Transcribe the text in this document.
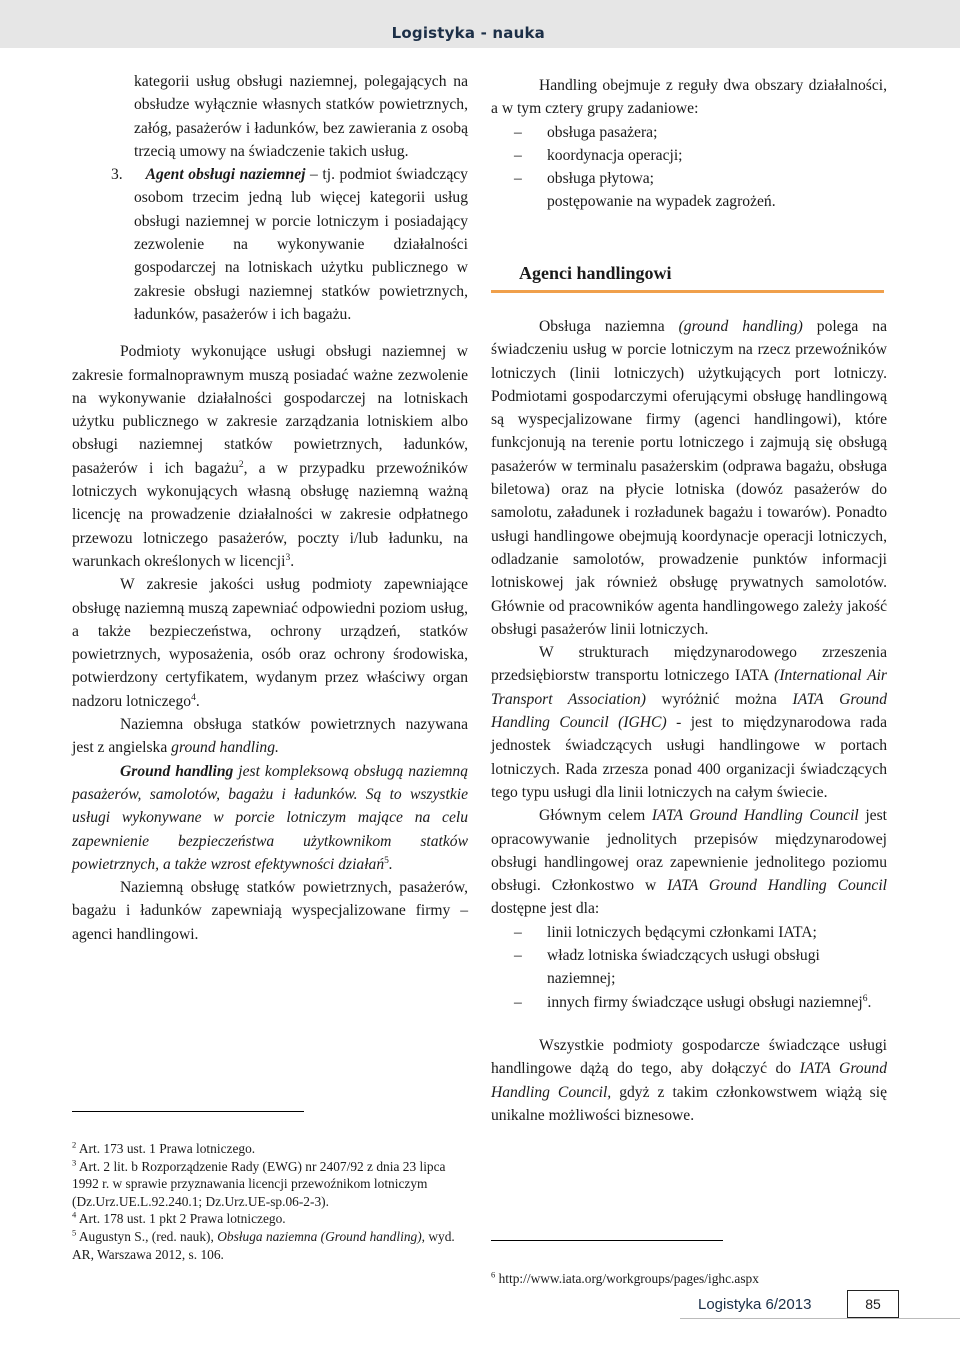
Logistyka - nauka

kategorii usług obsługi naziemnej, polegających na obsłudze wyłącznie własnych statków powietrznych, załóg, pasażerów i ładunków, bez zawierania z osobą trzecią umowy na świadczenie takich usług.

3. Agent obsługi naziemnej – tj. podmiot świadczący osobom trzecim jedną lub więcej kategorii usług obsługi naziemnej w porcie lotniczym i posiadający zezwolenie na wykonywanie działalności gospodarczej na lotniskach użytku publicznego w zakresie obsługi naziemnej statków powietrznych, ładunków, pasażerów i ich bagażu.

Podmioty wykonujące usługi obsługi naziemnej w zakresie formalnoprawnym muszą posiadać ważne zezwolenie na wykonywanie działalności gospodarczej na lotniskach użytku publicznego w zakresie zarządzania lotniskiem albo obsługi naziemnej statków powietrznych, ładunków, pasażerów i ich bagażu$^2$, a w przypadku przewoźników lotniczych wykonujących własną obsługę naziemną ważną licencję na prowadzenie działalności w zakresie odpłatnego przewozu lotniczego pasażerów, poczty i/lub ładunku, na warunkach określonych w licencji$^3$.

W zakresie jakości usług podmioty zapewniające obsługę naziemną muszą zapewniać odpowiedni poziom usług, a także bezpieczeństwa, ochrony urządzeń, statków powietrznych, wyposażenia, osób oraz ochrony środowiska, potwierdzony certyfikatem, wydanym przez właściwy organ nadzoru lotniczego$^4$.

Naziemna obsługa statków powietrznych nazywana jest z angielska ground handling.

Ground handling jest kompleksową obsługą naziemną pasażerów, samolotów, bagażu i ładunków. Są to wszystkie usługi wykonywane w porcie lotniczym mające na celu zapewnienie bezpieczeństwa użytkownikom statków powietrznych, a także wzrost efektywności działań$^5$.

Naziemną obsługę statków powietrznych, pasażerów, bagażu i ładunków zapewniają wyspecjalizowane firmy – agenci handlingowi.

Handling obejmuje z reguły dwa obszary działalności, a w tym cztery grupy zadaniowe:

– obsługa pasażera;
– koordynacja operacji;
– obsługa płytowa;
postępowanie na wypadek zagrożeń.
Agenci handlingowi

Obsługa naziemna (ground handling) polega na świadczeniu usług w porcie lotniczym na rzecz przewoźników lotniczych (linii lotniczych) użytkujących port lotniczy. Podmiotami gospodarczymi oferującymi obsługę handlingową są wyspecjalizowane firmy (agenci handlingowi), które funkcjonują na terenie portu lotniczego i zajmują się obsługą pasażerów w terminalu pasażerskim (odprawa bagażu, obsługa biletowa) oraz na płycie lotniska (dowóz pasażerów do samolotu, załadunek i rozładunek bagażu i towarów). Ponadto usługi handlingowe obejmują koordynacje operacji lotniczych, odladzanie samolotów, prowadzenie punktów informacji lotniskowej jak również obsługę prywatnych samolotów. Głównie od pracowników agenta handlingowego zależy jakość obsługi pasażerów linii lotniczych.

W strukturach międzynarodowego zrzeszenia przedsiębiorstw transportu lotniczego IATA (International Air Transport Association) wyróżnić można IATA Ground Handling Council (IGHC) - jest to międzynarodowa rada jednostek świadczących usługi handlingowe w portach lotniczych. Rada zrzesza ponad 400 organizacji świadczących tego typu usługi dla linii lotniczych na całym świecie.

Głównym celem IATA Ground Handling Council jest opracowywanie jednolitych przepisów międzynarodowej obsługi handlingowej oraz zapewnienie jednolitego poziomu obsługi. Członkostwo w IATA Ground Handling Council dostępne jest dla:

– linii lotniczych będącymi członkami IATA;
– władz lotniska świadczących usługi obsługi naziemnej;
– innych firmy świadczące usługi obsługi naziemnej$^6$.

Wszystkie podmioty gospodarcze świadczące usługi handlingowe dążą do tego, aby dołączyć do IATA Ground Handling Council, gdyż z takim członkowstwem wiążą się unikalne możliwości biznesowe.

$^2$ Art. 173 ust. 1 Prawa lotniczego.
$^3$ Art. 2 lit. b Rozporządzenie Rady (EWG) nr 2407/92 z dnia 23 lipca 1992 r. w sprawie przyznawania licencji przewoźnikom lotniczym (Dz.Urz.UE.L.92.240.1; Dz.Urz.UE-sp.06-2-3).
$^4$ Art. 178 ust. 1 pkt 2 Prawa lotniczego.
$^5$ Augustyn S., (red. nauk), Obsługa naziemna (Ground handling), wyd. AR, Warszawa 2012, s. 106.
$^6$ http://www.iata.org/workgroups/pages/ighc.aspx
Logistyka 6/2013	85
